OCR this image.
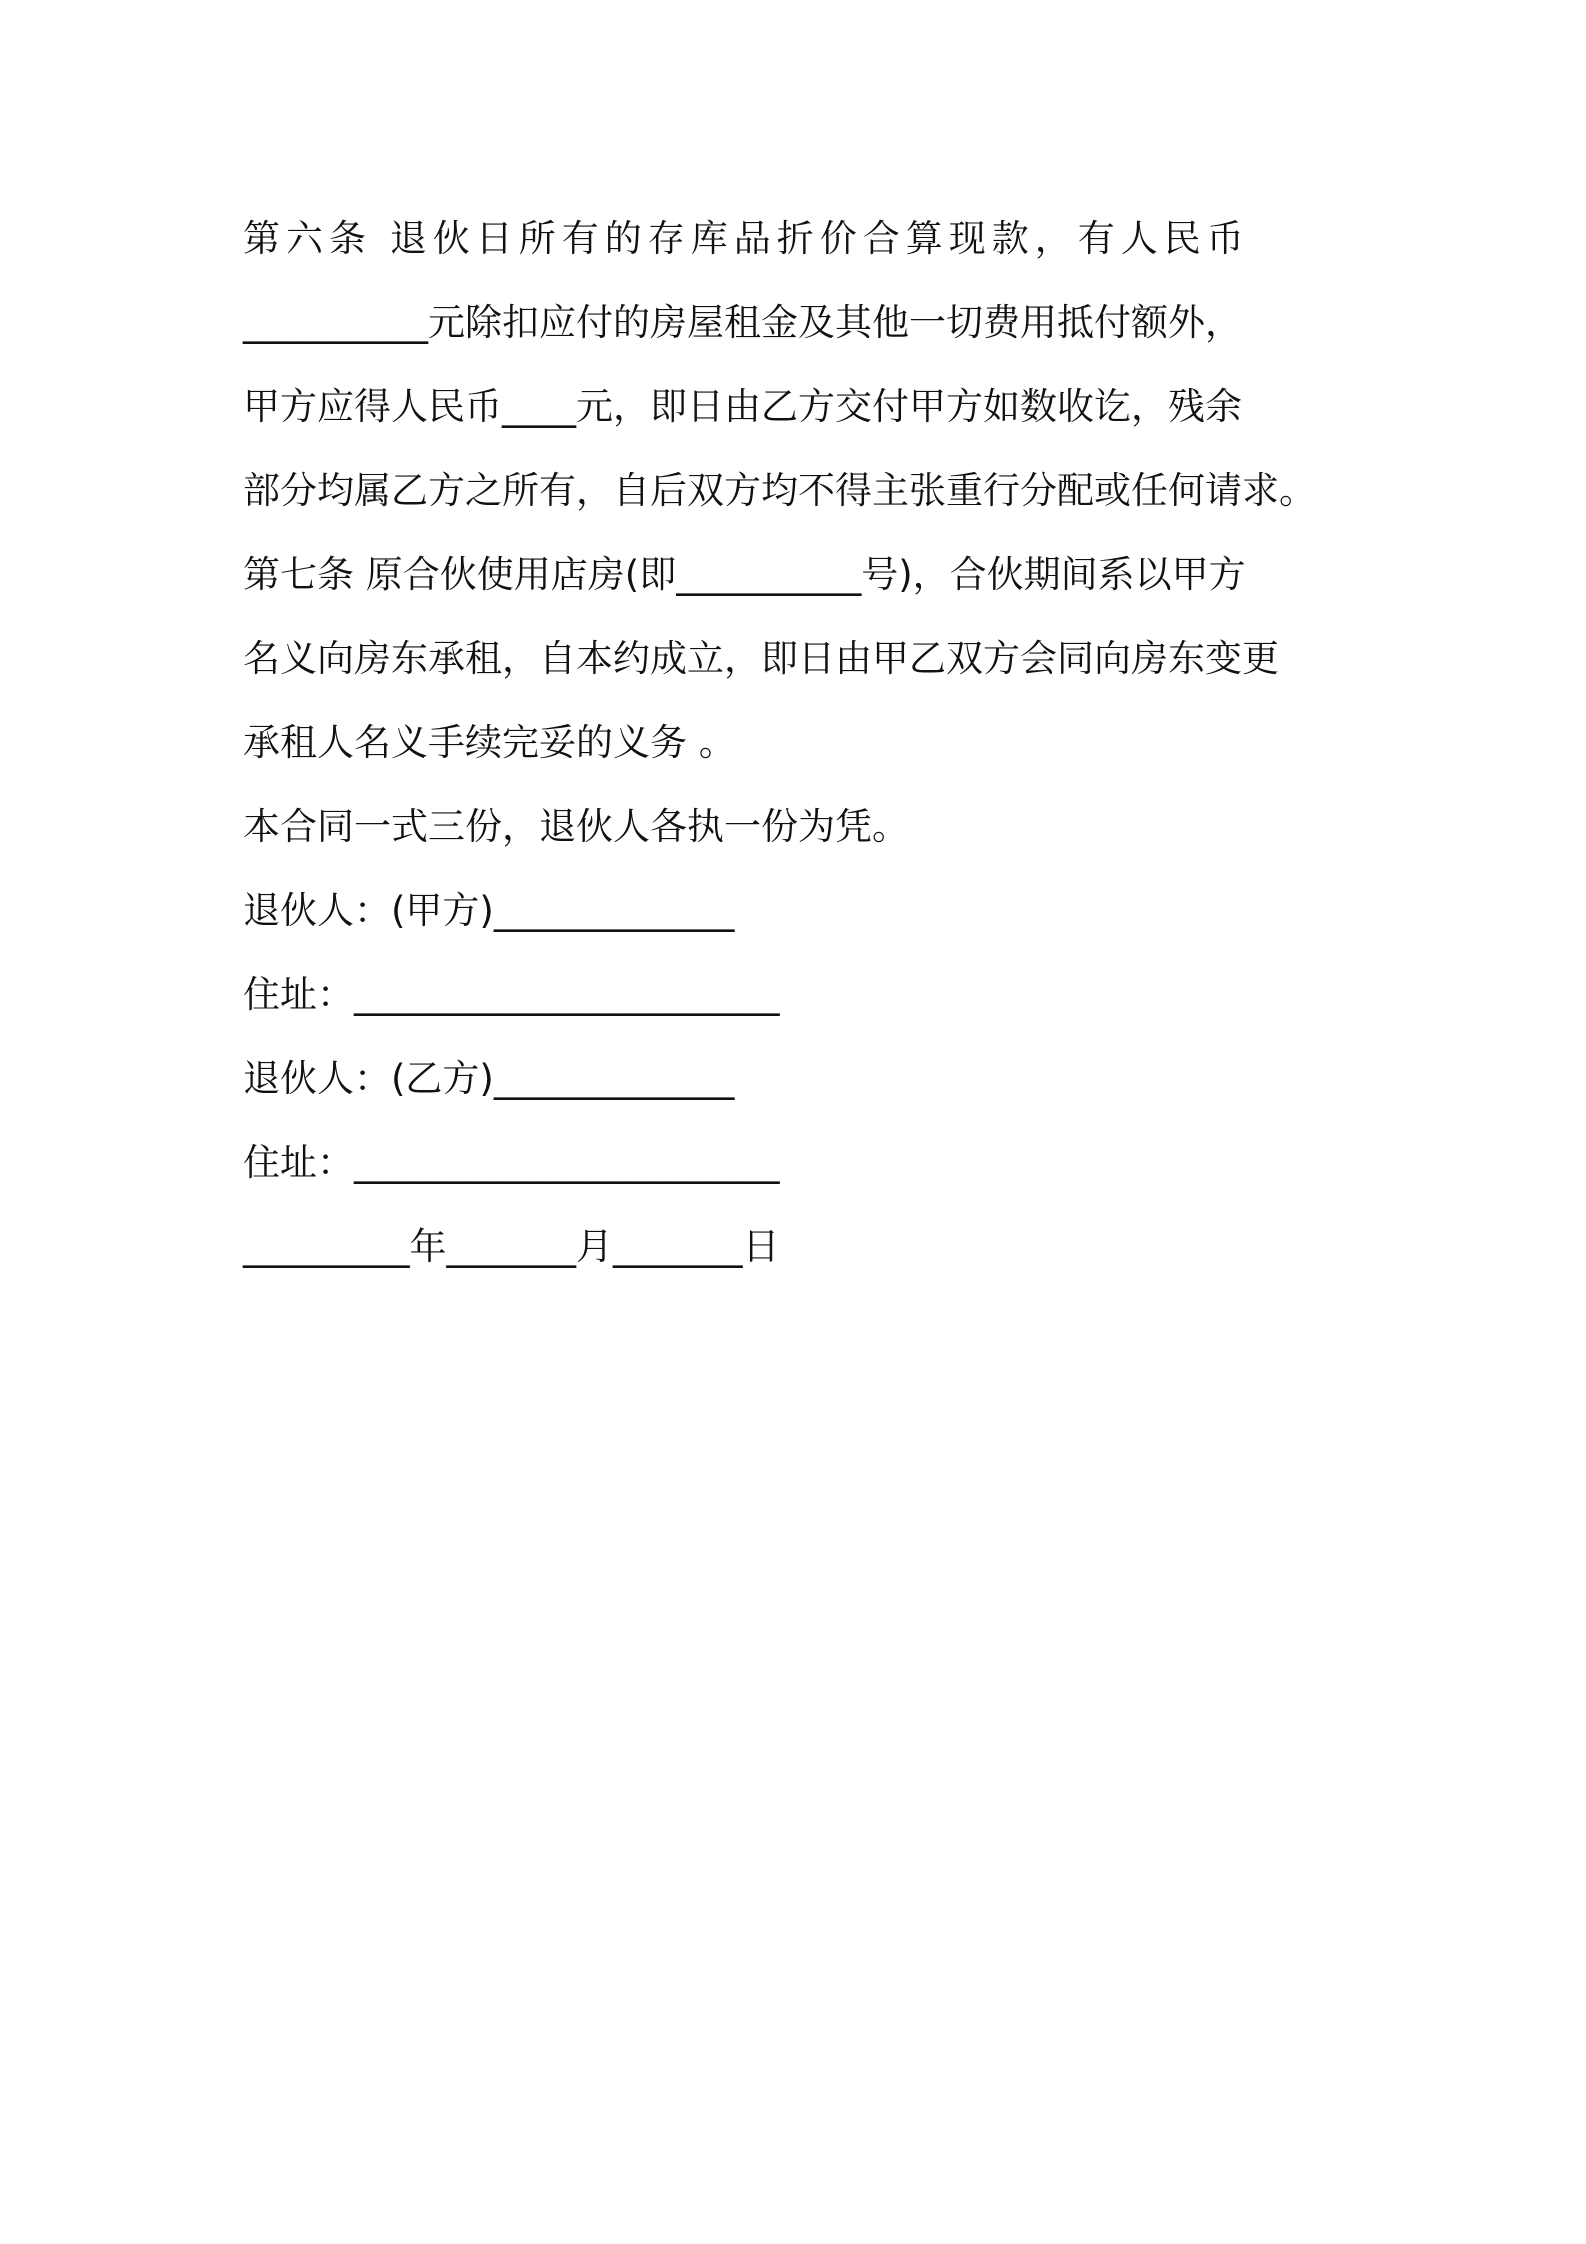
第六条 退伙日所有的存库品折价合算现款，有人民币

__________元除扣应付的房屋租金及其他一切费用抵付额外，

甲方应得人民币____元，即日由乙方交付甲方如数收讫，残余

部分均属乙方之所有，自后双方均不得主张重行分配或任何请求。

第七条 原合伙使用店房(即__________号)，合伙期间系以甲方

名义向房东承租，自本约成立，即日由甲乙双方会同向房东变更

承租人名义手续完妥的义务 。

本合同一式三份，退伙人各执一份为凭。

退伙人：(甲方)_____________

住址：_______________________

退伙人：(乙方)_____________

住址：_______________________

_________年_______月_______日
